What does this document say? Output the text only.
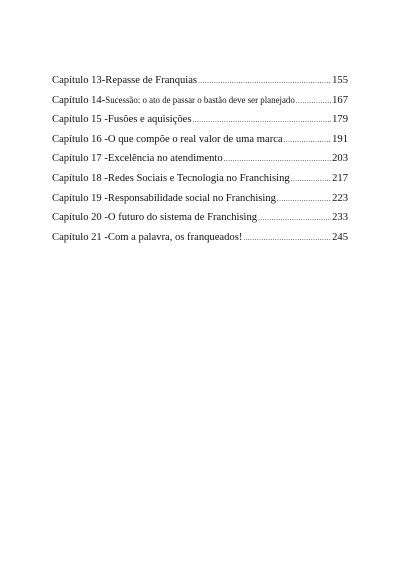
Capítulo 13- Repasse de Franquias .....	155
Capítulo 14- Sucessão: o ato de passar o bastão deve ser planejado .....	167
Capítulo 15 - Fusões e aquisições .....	179
Capítulo 16 - O que compõe o real valor de uma marca .....	191
Capítulo 17 - Excelência no atendimento .....	203
Capítulo 18 - Redes Sociais e Tecnologia no Franchising .....	217
Capítulo 19 - Responsabilidade social no Franchising .....	223
Capítulo 20 - O futuro do sistema de Franchising .....	233
Capítulo 21 - Com a palavra, os franqueados! .....	245
